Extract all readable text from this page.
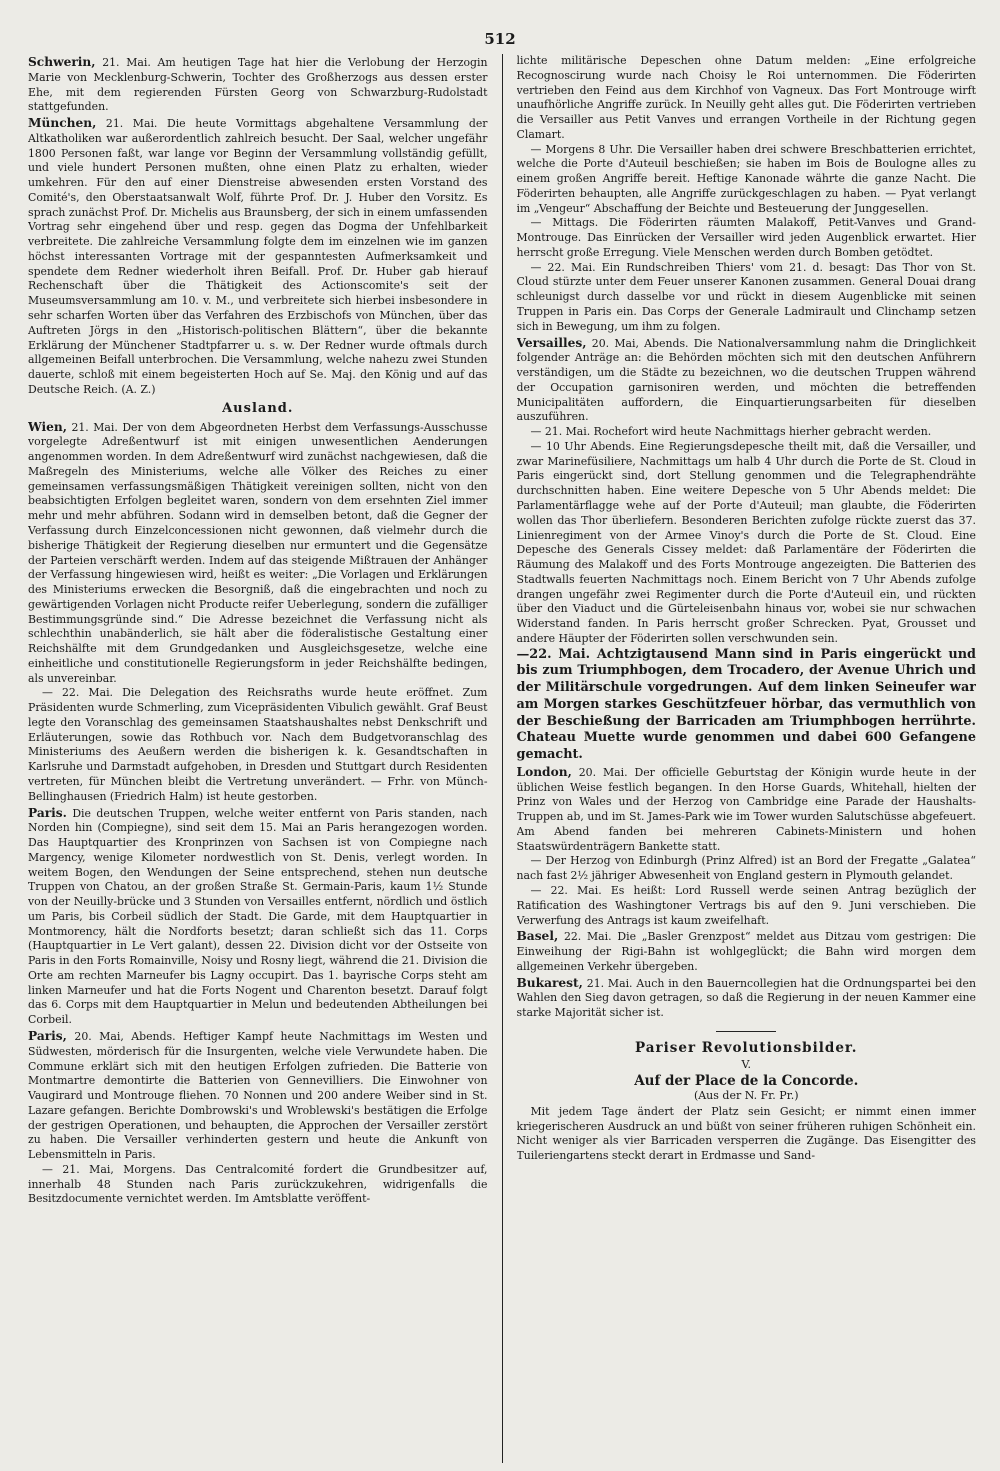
512

Schwerin, 21. Mai. Am heutigen Tage hat hier die Verlobung der Herzogin Marie von Mecklenburg-Schwerin, Tochter des Großherzogs aus dessen erster Ehe, mit dem regierenden Fürsten Georg von Schwarzburg-Rudolstadt stattgefunden.

München, 21. Mai. Die heute Vormittags abgehaltene Versammlung der Altkatholiken war außerordentlich zahlreich besucht. Der Saal, welcher ungefähr 1800 Personen faßt, war lange vor Beginn der Versammlung vollständig gefüllt, und viele hundert Personen mußten, ohne einen Platz zu erhalten, wieder umkehren. Für den auf einer Dienstreise abwesenden ersten Vorstand des Comité's, den Oberstaatsanwalt Wolf, führte Prof. Dr. J. Huber den Vorsitz. Es sprach zunächst Prof. Dr. Michelis aus Braunsberg, der sich in einem umfassenden Vortrag sehr eingehend über und resp. gegen das Dogma der Unfehlbarkeit verbreitete. Die zahlreiche Versammlung folgte dem im einzelnen wie im ganzen höchst interessanten Vortrage mit der gespanntesten Aufmerksamkeit und spendete dem Redner wiederholt ihren Beifall. Prof. Dr. Huber gab hierauf Rechenschaft über die Thätigkeit des Actionscomite's seit der Museumsversammlung am 10. v. M., und verbreitete sich hierbei insbesondere in sehr scharfen Worten über das Verfahren des Erzbischofs von München, über das Auftreten Jörgs in den „Historisch-politischen Blättern“, über die bekannte Erklärung der Münchener Stadtpfarrer u. s. w. Der Redner wurde oftmals durch allgemeinen Beifall unterbrochen. Die Versammlung, welche nahezu zwei Stunden dauerte, schloß mit einem begeisterten Hoch auf Se. Maj. den König und auf das Deutsche Reich. (A. Z.)

Ausland.

Wien, 21. Mai. Der von dem Abgeordneten Herbst dem Verfassungs-Ausschusse vorgelegte Adreßentwurf ist mit einigen unwesentlichen Aenderungen angenommen worden. In dem Adreßentwurf wird zunächst nachgewiesen, daß die Maßregeln des Ministeriums, welche alle Völker des Reiches zu einer gemeinsamen verfassungsmäßigen Thätigkeit vereinigen sollten, nicht von den beabsichtigten Erfolgen begleitet waren, sondern von dem ersehnten Ziel immer mehr und mehr abführen. Sodann wird in demselben betont, daß die Gegner der Verfassung durch Einzelconcessionen nicht gewonnen, daß vielmehr durch die bisherige Thätigkeit der Regierung dieselben nur ermuntert und die Gegensätze der Parteien verschärft werden. Indem auf das steigende Mißtrauen der Anhänger der Verfassung hingewiesen wird, heißt es weiter: „Die Vorlagen und Erklärungen des Ministeriums erwecken die Besorgniß, daß die eingebrachten und noch zu gewärtigenden Vorlagen nicht Producte reifer Ueberlegung, sondern die zufälliger Bestimmungsgründe sind.“ Die Adresse bezeichnet die Verfassung nicht als schlechthin unabänderlich, sie hält aber die föderalistische Gestaltung einer Reichshälfte mit dem Grundgedanken und Ausgleichsgesetze, welche eine einheitliche und constitutionelle Regierungsform in jeder Reichshälfte bedingen, als unvereinbar.

— 22. Mai. Die Delegation des Reichsraths wurde heute eröffnet. Zum Präsidenten wurde Schmerling, zum Vicepräsidenten Vibulich gewählt. Graf Beust legte den Voranschlag des gemeinsamen Staatshaushaltes nebst Denkschrift und Erläuterungen, sowie das Rothbuch vor. Nach dem Budgetvoranschlag des Ministeriums des Aeußern werden die bisherigen k. k. Gesandtschaften in Karlsruhe und Darmstadt aufgehoben, in Dresden und Stuttgart durch Residenten vertreten, für München bleibt die Vertretung unverändert. — Frhr. von Münch-Bellinghausen (Friedrich Halm) ist heute gestorben.

Paris. Die deutschen Truppen, welche weiter entfernt von Paris standen, nach Norden hin (Compiegne), sind seit dem 15. Mai an Paris herangezogen worden. Das Hauptquartier des Kronprinzen von Sachsen ist von Compiegne nach Margency, wenige Kilometer nordwestlich von St. Denis, verlegt worden. In weitem Bogen, den Wendungen der Seine entsprechend, stehen nun deutsche Truppen von Chatou, an der großen Straße St. Germain-Paris, kaum 1½ Stunde von der Neuilly-brücke und 3 Stunden von Versailles entfernt, nördlich und östlich um Paris, bis Corbeil südlich der Stadt. Die Garde, mit dem Hauptquartier in Montmorency, hält die Nordforts besetzt; daran schließt sich das 11. Corps (Hauptquartier in Le Vert galant), dessen 22. Division dicht vor der Ostseite von Paris in den Forts Romainville, Noisy und Rosny liegt, während die 21. Division die Orte am rechten Marneufer bis Lagny occupirt. Das 1. bayrische Corps steht am linken Marneufer und hat die Forts Nogent und Charenton besetzt. Darauf folgt das 6. Corps mit dem Hauptquartier in Melun und bedeutenden Abtheilungen bei Corbeil.

Paris, 20. Mai, Abends. Heftiger Kampf heute Nachmittags im Westen und Südwesten, mörderisch für die Insurgenten, welche viele Verwundete haben. Die Commune erklärt sich mit den heutigen Erfolgen zufrieden. Die Batterie von Montmartre demontirte die Batterien von Gennevilliers. Die Einwohner von Vaugirard und Montrouge fliehen. 70 Nonnen und 200 andere Weiber sind in St. Lazare gefangen. Berichte Dombrowski's und Wroblewski's bestätigen die Erfolge der gestrigen Operationen, und behaupten, die Approchen der Versailler zerstört zu haben. Die Versailler verhinderten gestern und heute die Ankunft von Lebensmitteln in Paris.

— 21. Mai, Morgens. Das Centralcomité fordert die Grundbesitzer auf, innerhalb 48 Stunden nach Paris zurückzukehren, widrigenfalls die Besitzdocumente vernichtet werden. Im Amtsblatte veröffent-

lichte militärische Depeschen ohne Datum melden: „Eine erfolgreiche Recognoscirung wurde nach Choisy le Roi unternommen. Die Föderirten vertrieben den Feind aus dem Kirchhof von Vagneux. Das Fort Montrouge wirft unaufhörliche Angriffe zurück. In Neuilly geht alles gut. Die Föderirten vertrieben die Versailler aus Petit Vanves und errangen Vortheile in der Richtung gegen Clamart.

— Morgens 8 Uhr. Die Versailler haben drei schwere Breschbatterien errichtet, welche die Porte d'Auteuil beschießen; sie haben im Bois de Boulogne alles zu einem großen Angriffe bereit. Heftige Kanonade währte die ganze Nacht. Die Föderirten behaupten, alle Angriffe zurückgeschlagen zu haben. — Pyat verlangt im „Vengeur“ Abschaffung der Beichte und Besteuerung der Junggesellen.

— Mittags. Die Föderirten räumten Malakoff, Petit-Vanves und Grand-Montrouge. Das Einrücken der Versailler wird jeden Augenblick erwartet. Hier herrscht große Erregung. Viele Menschen werden durch Bomben getödtet.

— 22. Mai. Ein Rundschreiben Thiers' vom 21. d. besagt: Das Thor von St. Cloud stürzte unter dem Feuer unserer Kanonen zusammen. General Douai drang schleunigst durch dasselbe vor und rückt in diesem Augenblicke mit seinen Truppen in Paris ein. Das Corps der Generale Ladmirault und Clinchamp setzen sich in Bewegung, um ihm zu folgen.

Versailles, 20. Mai, Abends. Die Nationalversammlung nahm die Dringlichkeit folgender Anträge an: die Behörden möchten sich mit den deutschen Anführern verständigen, um die Städte zu bezeichnen, wo die deutschen Truppen während der Occupation garnisoniren werden, und möchten die betreffenden Municipalitäten auffordern, die Einquartierungsarbeiten für dieselben auszuführen.

— 21. Mai. Rochefort wird heute Nachmittags hierher gebracht werden.

— 10 Uhr Abends. Eine Regierungsdepesche theilt mit, daß die Versailler, und zwar Marinefüsiliere, Nachmittags um halb 4 Uhr durch die Porte de St. Cloud in Paris eingerückt sind, dort Stellung genommen und die Telegraphendrähte durchschnitten haben. Eine weitere Depesche von 5 Uhr Abends meldet: Die Parlamentärflagge wehe auf der Porte d'Auteuil; man glaubte, die Föderirten wollen das Thor überliefern. Besonderen Berichten zufolge rückte zuerst das 37. Linienregiment von der Armee Vinoy's durch die Porte de St. Cloud. Eine Depesche des Generals Cissey meldet: daß Parlamentäre der Föderirten die Räumung des Malakoff und des Forts Montrouge angezeigten. Die Batterien des Stadtwalls feuerten Nachmittags noch. Einem Bericht von 7 Uhr Abends zufolge drangen ungefähr zwei Regimenter durch die Porte d'Auteuil ein, und rückten über den Viaduct und die Gürteleisenbahn hinaus vor, wobei sie nur schwachen Widerstand fanden. In Paris herrscht großer Schrecken. Pyat, Grousset und andere Häupter der Föderirten sollen verschwunden sein.

—22. Mai. Achtzigtausend Mann sind in Paris eingerückt und bis zum Triumphbogen, dem Trocadero, der Avenue Uhrich und der Militärschule vorgedrungen. Auf dem linken Seineufer war am Morgen starkes Geschützfeuer hörbar, das vermuthlich von der Beschießung der Barricaden am Triumphbogen herrührte. Chateau Muette wurde genommen und dabei 600 Gefangene gemacht.

London, 20. Mai. Der officielle Geburtstag der Königin wurde heute in der üblichen Weise festlich begangen. In den Horse Guards, Whitehall, hielten der Prinz von Wales und der Herzog von Cambridge eine Parade der Haushalts-Truppen ab, und im St. James-Park wie im Tower wurden Salutschüsse abgefeuert. Am Abend fanden bei mehreren Cabinets-Ministern und hohen Staatswürdenträgern Bankette statt.

— Der Herzog von Edinburgh (Prinz Alfred) ist an Bord der Fregatte „Galatea“ nach fast 2½ jähriger Abwesenheit von England gestern in Plymouth gelandet.

— 22. Mai. Es heißt: Lord Russell werde seinen Antrag bezüglich der Ratification des Washingtoner Vertrags bis auf den 9. Juni verschieben. Die Verwerfung des Antrags ist kaum zweifelhaft.

Basel, 22. Mai. Die „Basler Grenzpost“ meldet aus Ditzau vom gestrigen: Die Einweihung der Rigi-Bahn ist wohlgeglückt; die Bahn wird morgen dem allgemeinen Verkehr übergeben.

Bukarest, 21. Mai. Auch in den Bauerncollegien hat die Ordnungspartei bei den Wahlen den Sieg davon getragen, so daß die Regierung in der neuen Kammer eine starke Majorität sicher ist.

Pariser Revolutionsbilder.
V.
Auf der Place de la Concorde.
(Aus der N. Fr. Pr.)

Mit jedem Tage ändert der Platz sein Gesicht; er nimmt einen immer kriegerischeren Ausdruck an und büßt von seiner früheren ruhigen Schönheit ein. Nicht weniger als vier Barricaden versperren die Zugänge. Das Eisengitter des Tuileriengartens steckt derart in Erdmasse und Sand-
